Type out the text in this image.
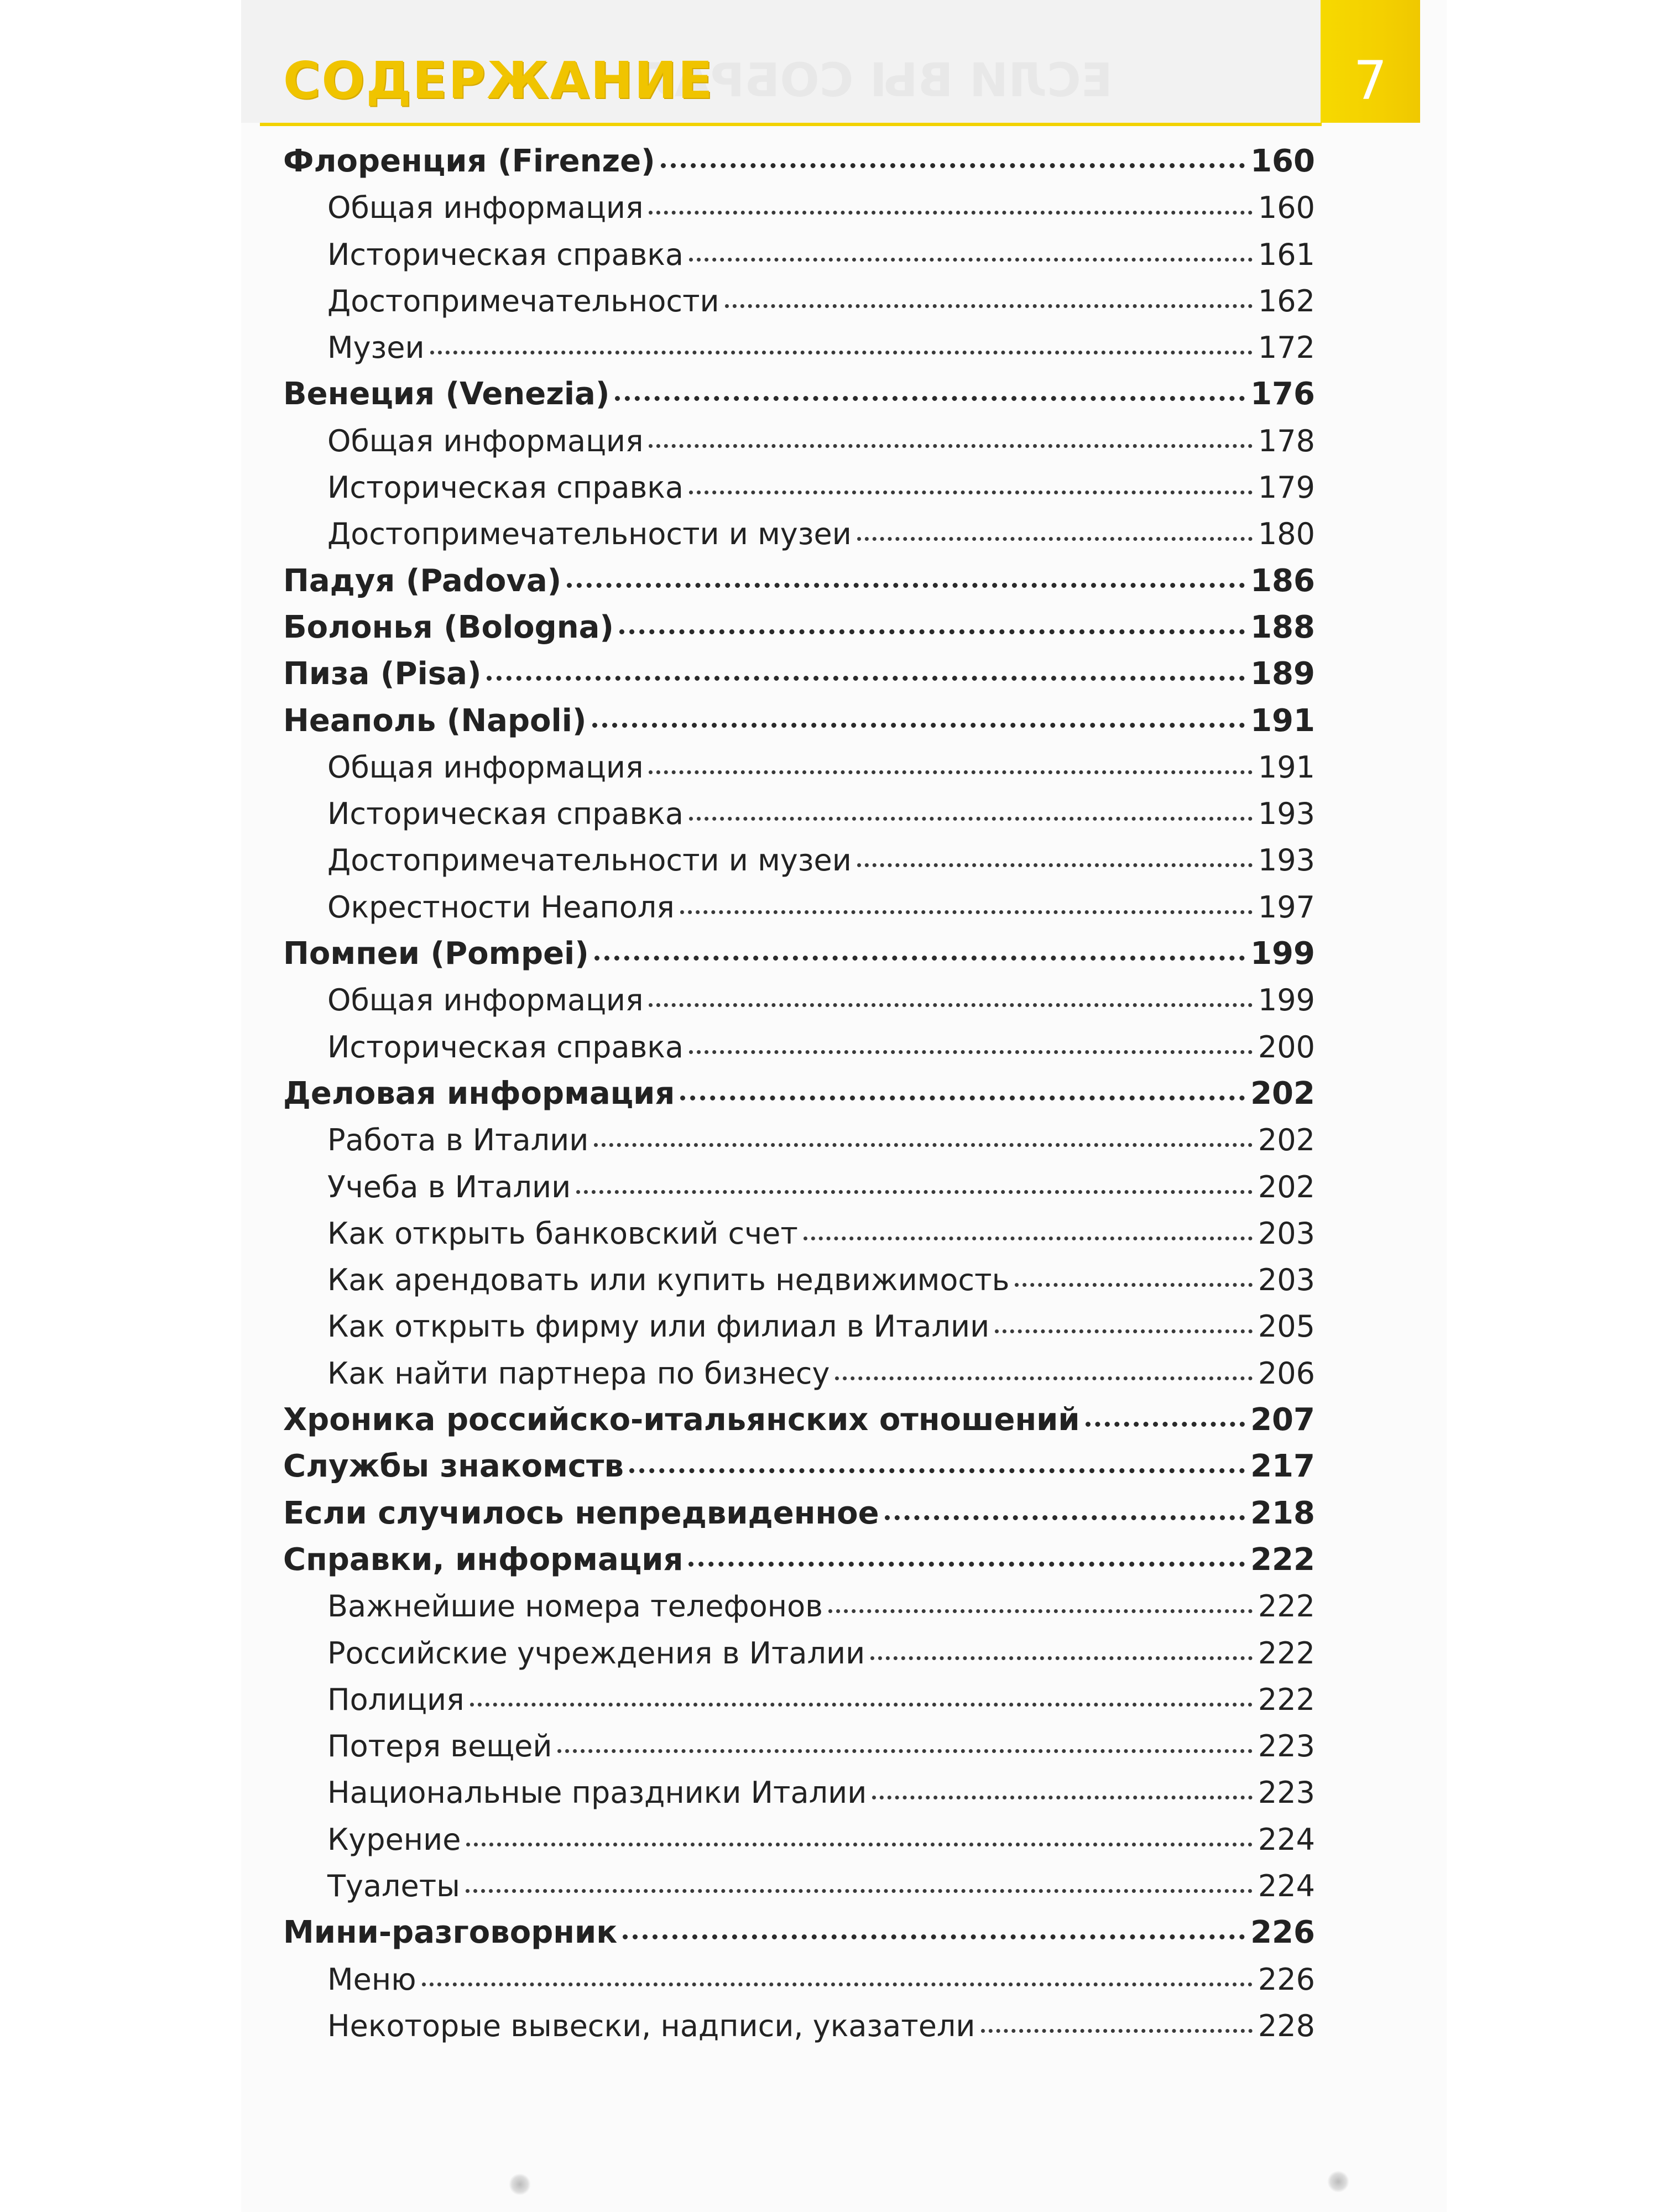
ЕСЛИ ВЫ СОБРАЛ
СОДЕРЖАНИЕ	7
Флоренция (Firenze)	160
Общая информация	160
Историческая справка	161
Достопримечательности	162
Музеи	172
Венеция (Venezia)	176
Общая информация	178
Историческая справка	179
Достопримечательности и музеи	180
Падуя (Padova)	186
Болонья (Bologna)	188
Пиза (Pisa)	189
Неаполь (Napoli)	191
Общая информация	191
Историческая справка	193
Достопримечательности и музеи	193
Окрестности Неаполя	197
Помпеи (Pompei)	199
Общая информация	199
Историческая справка	200
Деловая информация	202
Работа в Италии	202
Учеба в Италии	202
Как открыть банковский счет	203
Как арендовать или купить недвижимость	203
Как открыть фирму или филиал в Италии	205
Как найти партнера по бизнесу	206
Хроника российско-итальянских отношений	207
Службы знакомств	217
Если случилось непредвиденное	218
Справки, информация	222
Важнейшие номера телефонов	222
Российские учреждения в Италии	222
Полиция	222
Потеря вещей	223
Национальные праздники Италии	223
Курение	224
Туалеты	224
Мини-разговорник	226
Меню	226
Некоторые вывески, надписи, указатели	228
